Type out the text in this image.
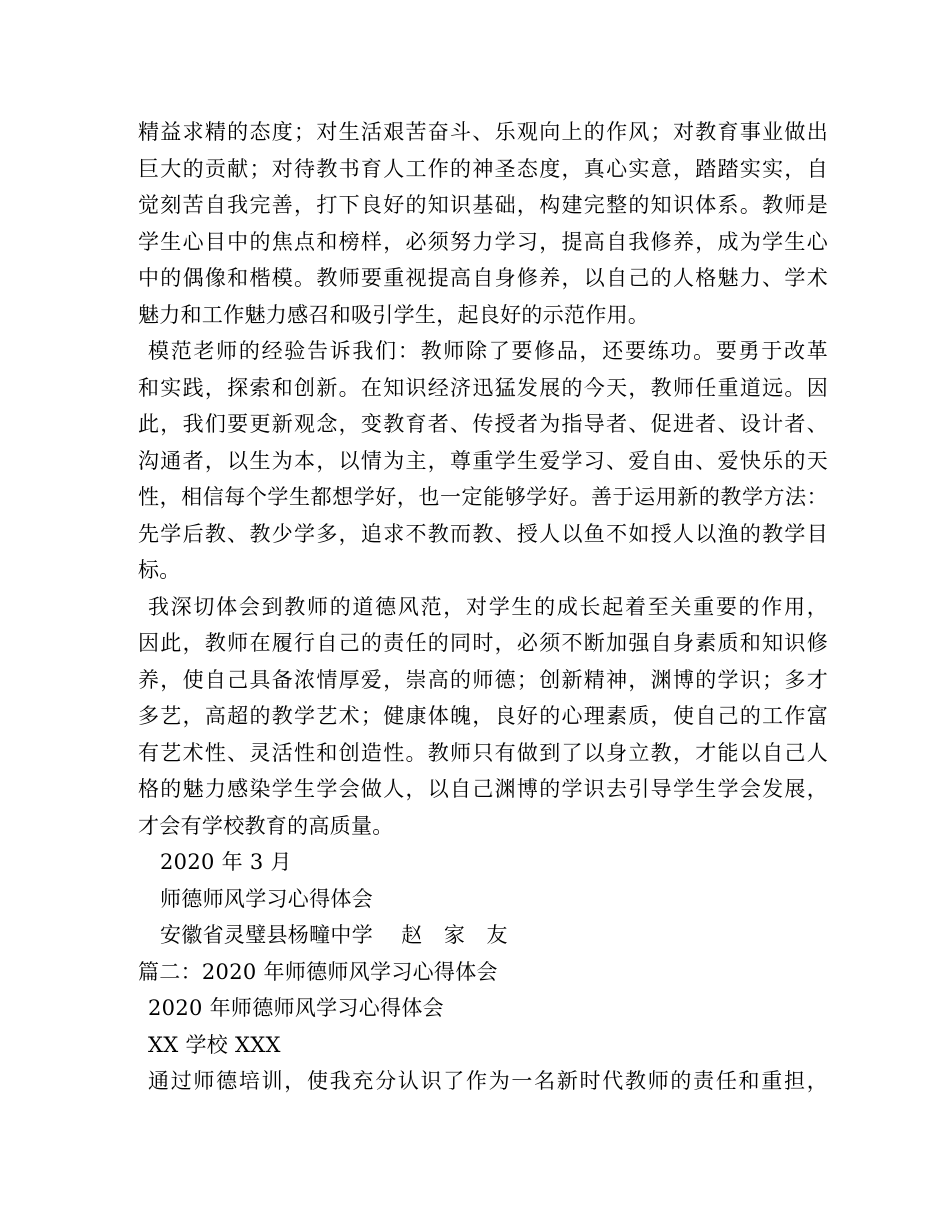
精益求精的态度；对生活艰苦奋斗、乐观向上的作风；对教育事业做出
巨大的贡献；对待教书育人工作的神圣态度，真心实意，踏踏实实，自
觉刻苦自我完善，打下良好的知识基础，构建完整的知识体系。教师是
学生心目中的焦点和榜样，必须努力学习，提高自我修养，成为学生心
中的偶像和楷模。教师要重视提高自身修养，以自己的人格魅力、学术
魅力和工作魅力感召和吸引学生，起良好的示范作用。
模范老师的经验告诉我们：教师除了要修品，还要练功。要勇于改革
和实践，探索和创新。在知识经济迅猛发展的今天，教师任重道远。因
此，我们要更新观念，变教育者、传授者为指导者、促进者、设计者、
沟通者，以生为本，以情为主，尊重学生爱学习、爱自由、爱快乐的天
性，相信每个学生都想学好，也一定能够学好。善于运用新的教学方法：
先学后教、教少学多，追求不教而教、授人以鱼不如授人以渔的教学目
标。
我深切体会到教师的道德风范，对学生的成长起着至关重要的作用，
因此，教师在履行自己的责任的同时，必须不断加强自身素质和知识修
养，使自己具备浓情厚爱，崇高的师德；创新精神，渊博的学识；多才
多艺，高超的教学艺术；健康体魄，良好的心理素质，使自己的工作富
有艺术性、灵活性和创造性。教师只有做到了以身立教，才能以自己人
格的魅力感染学生学会做人，以自己渊博的学识去引导学生学会发展，
才会有学校教育的高质量。
2020 年 3 月
师德师风学习心得体会
安徽省灵璧县杨疃中学　 赵　家　友
篇二：2020 年师德师风学习心得体会
2020 年师德师风学习心得体会
XX 学校 XXX
通过师德培训，使我充分认识了作为一名新时代教师的责任和重担，
